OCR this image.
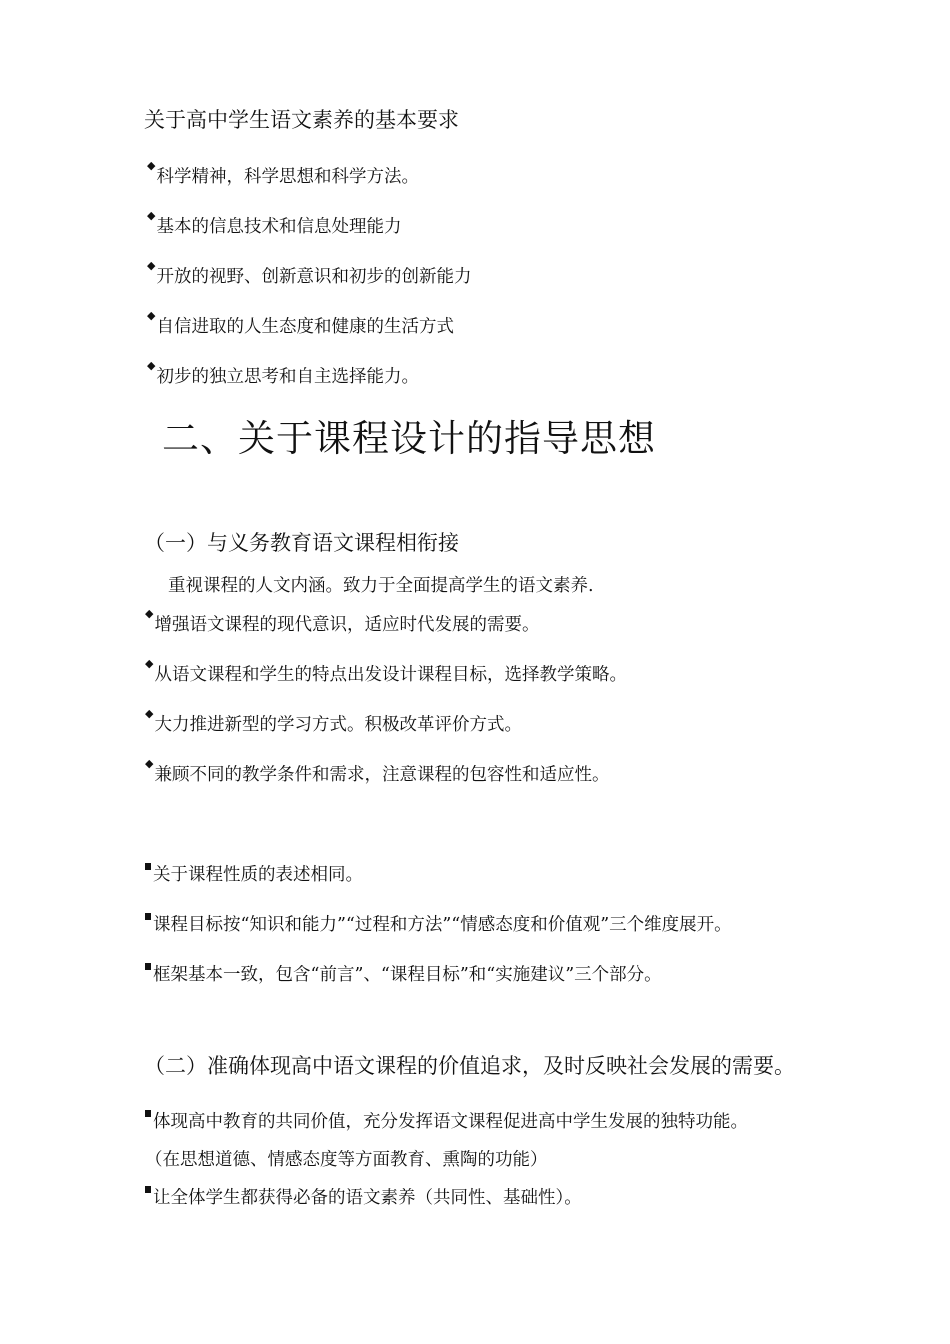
关于高中学生语文素养的基本要求
◆科学精神，科学思想和科学方法。
◆基本的信息技术和信息处理能力
◆开放的视野、创新意识和初步的创新能力
◆自信进取的人生态度和健康的生活方式
◆初步的独立思考和自主选择能力。
二、关于课程设计的指导思想
（一）与义务教育语文课程相衔接
重视课程的人文内涵。致力于全面提高学生的语文素养.
◆增强语文课程的现代意识，适应时代发展的需要。
◆从语文课程和学生的特点出发设计课程目标，选择教学策略。
◆大力推进新型的学习方式。积极改革评价方式。
◆兼顾不同的教学条件和需求，注意课程的包容性和适应性。
关于课程性质的表述相同。
课程目标按“知识和能力”“过程和方法”“情感态度和价值观”三个维度展开。
框架基本一致，包含“前言”、“课程目标”和“实施建议”三个部分。
（二）准确体现高中语文课程的价值追求，及时反映社会发展的需要。
体现高中教育的共同价值，充分发挥语文课程促进高中学生发展的独特功能。
（在思想道德、情感态度等方面教育、熏陶的功能）
让全体学生都获得必备的语文素养（共同性、基础性）。
